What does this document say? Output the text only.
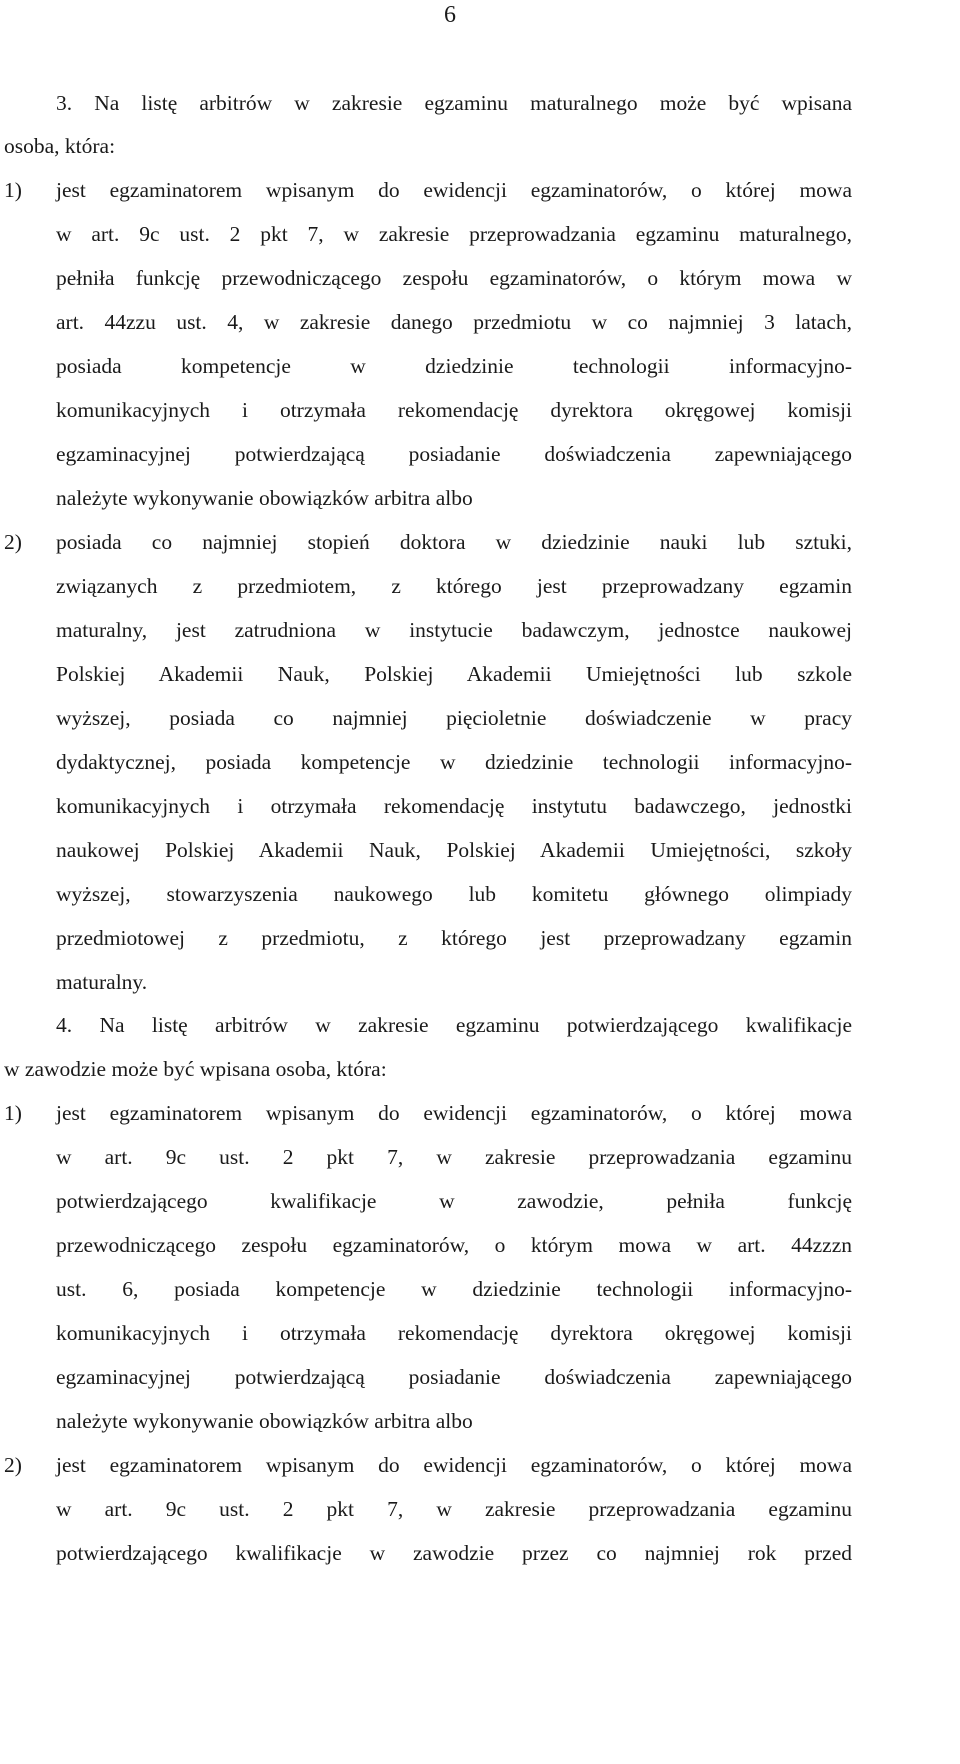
6
3. Na listę arbitrów w zakresie egzaminu maturalnego może być wpisana
osoba, która:
jest egzaminatorem wpisanym do ewidencji egzaminatorów, o której mowa
w art. 9c ust. 2 pkt 7, w zakresie przeprowadzania egzaminu maturalnego,
pełniła funkcję przewodniczącego zespołu egzaminatorów, o którym mowa w
art. 44zzu ust. 4, w zakresie danego przedmiotu w co najmniej 3 latach,
posiada kompetencje w dziedzinie technologii informacyjno-
komunikacyjnych i otrzymała rekomendację dyrektora okręgowej komisji
egzaminacyjnej potwierdzającą posiadanie doświadczenia zapewniającego
należyte wykonywanie obowiązków arbitra albo
posiada co najmniej stopień doktora w dziedzinie nauki lub sztuki,
związanych z przedmiotem, z którego jest przeprowadzany egzamin
maturalny, jest zatrudniona w instytucie badawczym, jednostce naukowej
Polskiej Akademii Nauk, Polskiej Akademii Umiejętności lub szkole
wyższej, posiada co najmniej pięcioletnie doświadczenie w pracy
dydaktycznej, posiada kompetencje w dziedzinie technologii informacyjno-
komunikacyjnych i otrzymała rekomendację instytutu badawczego, jednostki
naukowej Polskiej Akademii Nauk, Polskiej Akademii Umiejętności, szkoły
wyższej, stowarzyszenia naukowego lub komitetu głównego olimpiady
przedmiotowej z przedmiotu, z którego jest przeprowadzany egzamin
maturalny.
4. Na listę arbitrów w zakresie egzaminu potwierdzającego kwalifikacje
w zawodzie może być wpisana osoba, która:
jest egzaminatorem wpisanym do ewidencji egzaminatorów, o której mowa
w art. 9c ust. 2 pkt 7, w zakresie przeprowadzania egzaminu
potwierdzającego kwalifikacje w zawodzie, pełniła funkcję
przewodniczącego zespołu egzaminatorów, o którym mowa w art. 44zzzn
ust. 6, posiada kompetencje w dziedzinie technologii informacyjno-
komunikacyjnych i otrzymała rekomendację dyrektora okręgowej komisji
egzaminacyjnej potwierdzającą posiadanie doświadczenia zapewniającego
należyte wykonywanie obowiązków arbitra albo
jest egzaminatorem wpisanym do ewidencji egzaminatorów, o której mowa
w art. 9c ust. 2 pkt 7, w zakresie przeprowadzania egzaminu
potwierdzającego kwalifikacje w zawodzie przez co najmniej rok przed
1)
2)
1)
2)
